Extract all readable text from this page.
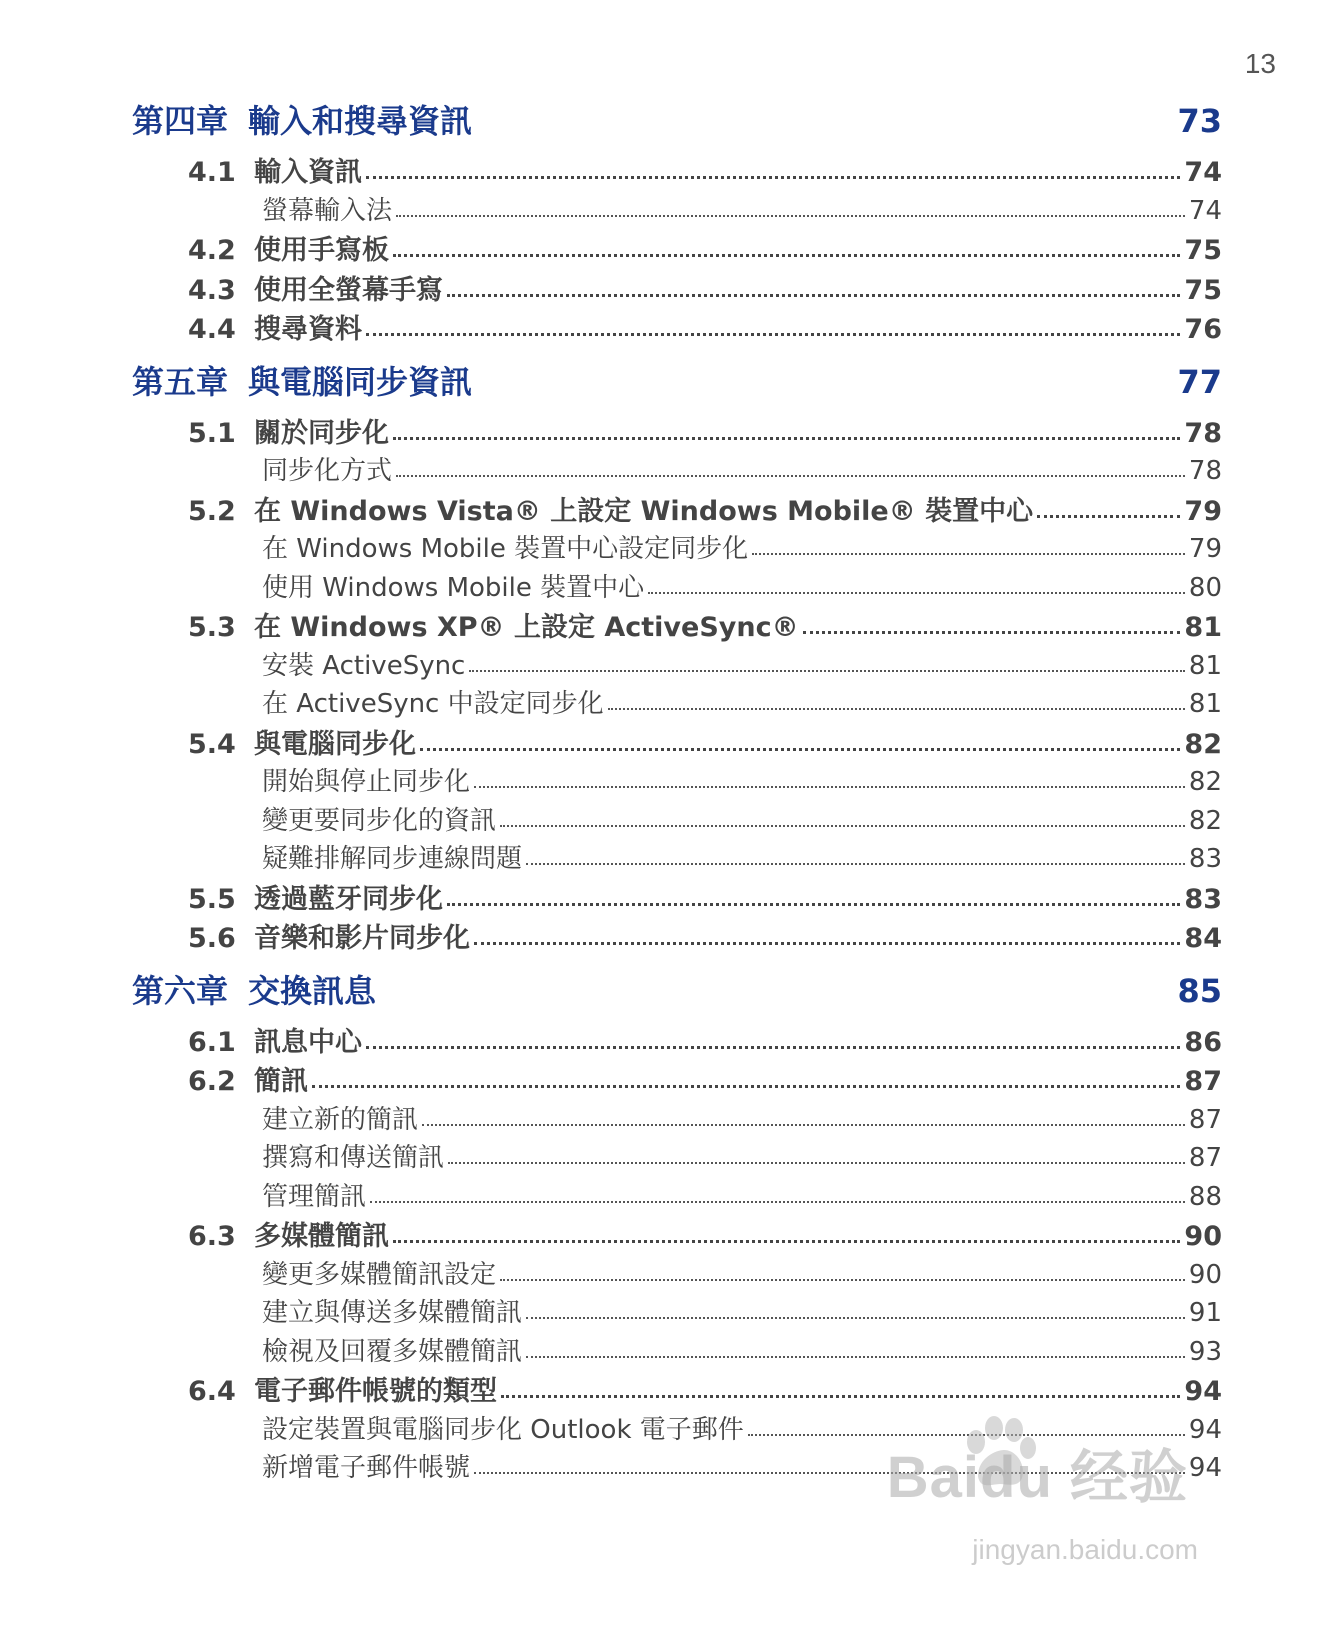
13
第四章 輸入和搜尋資訊	73
4.1 輸入資訊	74
螢幕輸入法	74
4.2 使用手寫板	75
4.3 使用全螢幕手寫	75
4.4 搜尋資料	76
第五章 與電腦同步資訊	77
5.1 關於同步化	78
同步化方式	78
5.2 在 Windows Vista® 上設定 Windows Mobile® 裝置中心	79
在 Windows Mobile 裝置中心設定同步化	79
使用 Windows Mobile 裝置中心	80
5.3 在 Windows XP® 上設定 ActiveSync®	81
安裝 ActiveSync	81
在 ActiveSync 中設定同步化	81
5.4 與電腦同步化	82
開始與停止同步化	82
變更要同步化的資訊	82
疑難排解同步連線問題	83
5.5 透過藍牙同步化	83
5.6 音樂和影片同步化	84
第六章 交換訊息	85
6.1 訊息中心	86
6.2 簡訊	87
建立新的簡訊	87
撰寫和傳送簡訊	87
管理簡訊	88
6.3 多媒體簡訊	90
變更多媒體簡訊設定	90
建立與傳送多媒體簡訊	91
檢視及回覆多媒體簡訊	93
6.4 電子郵件帳號的類型	94
設定裝置與電腦同步化 Outlook 電子郵件	94
新增電子郵件帳號	94
Baidu 经验
jingyan.baidu.com
